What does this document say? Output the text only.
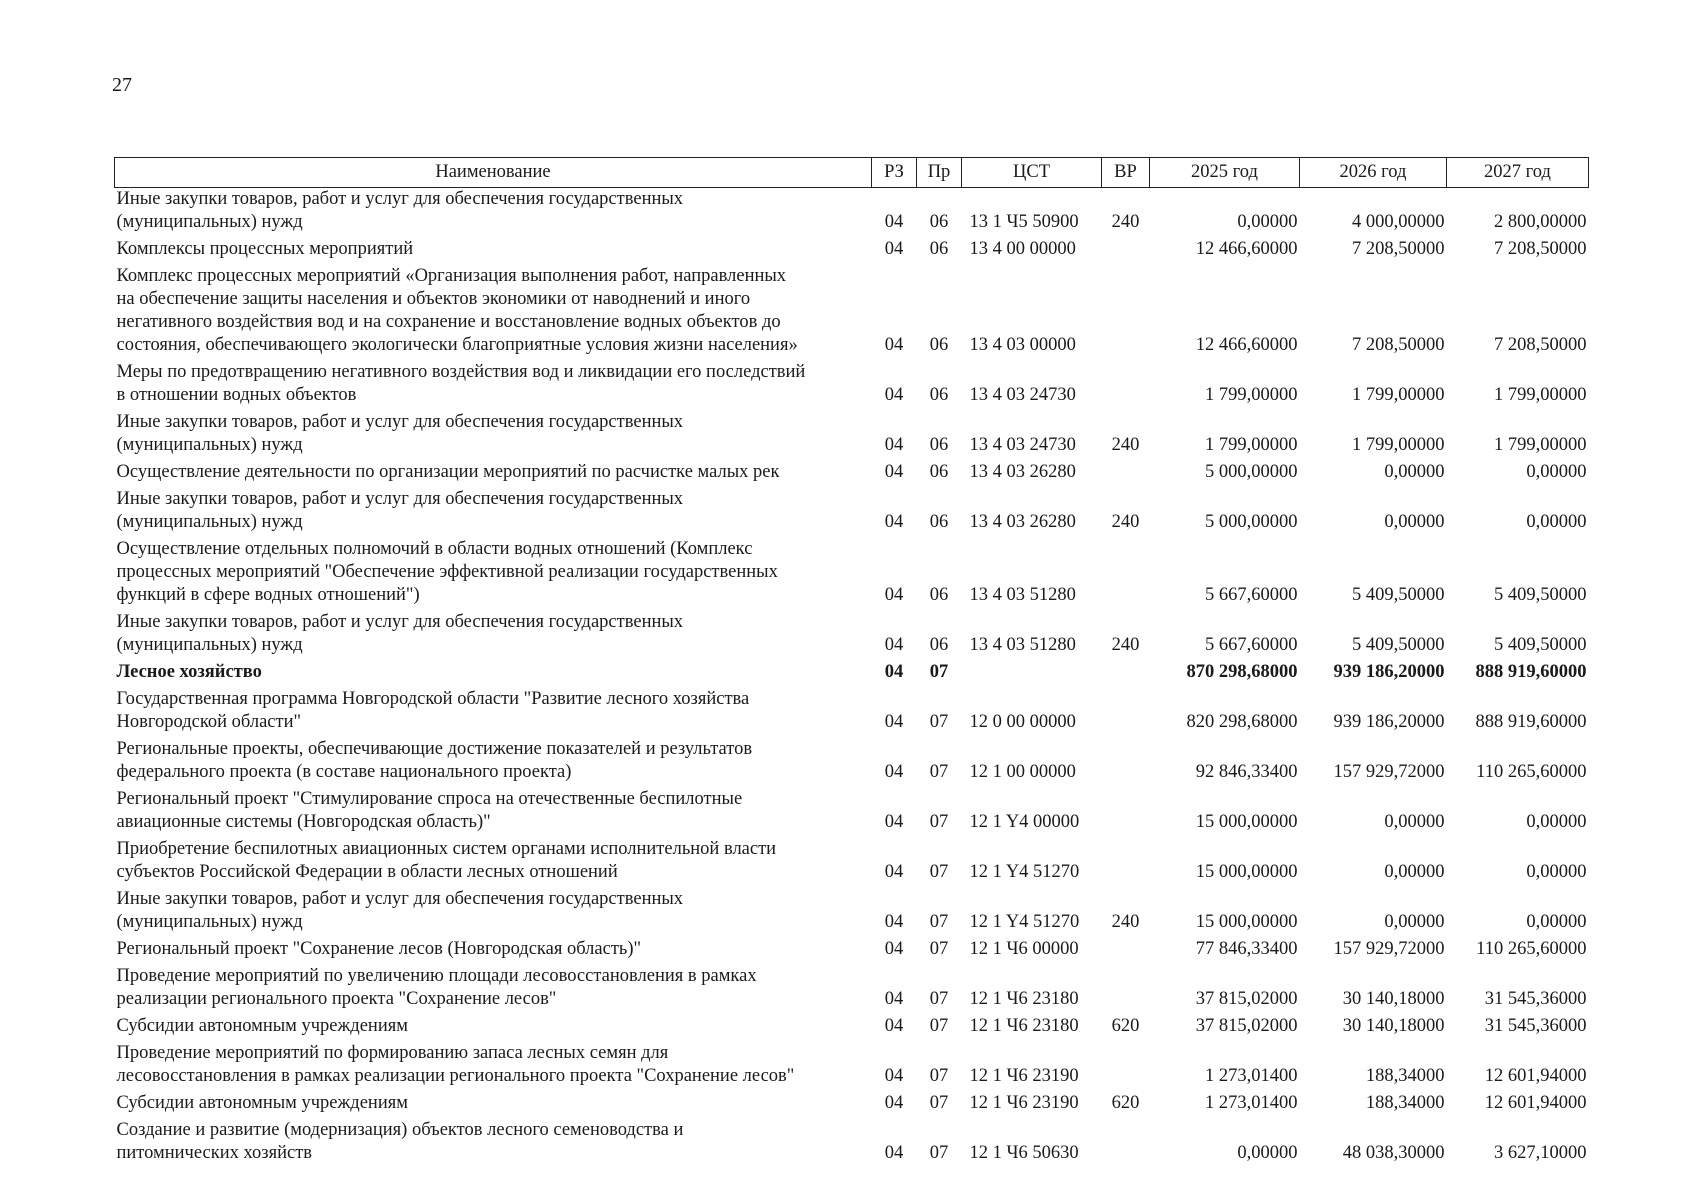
27
Наименование	РЗ	Пр	ЦСТ	ВР	2025 год	2026 год	2027 год
Иные закупки товаров, работ и услуг для обеспечения государственных
(муниципальных) нужд	04	06	13 1 Ч5 50900	240	0,00000	4 000,00000	2 800,00000
Комплексы процессных мероприятий	04	06	13 4 00 00000		12 466,60000	7 208,50000	7 208,50000
Комплекс процессных мероприятий «Организация выполнения работ, направленных
на обеспечение защиты населения и объектов экономики от наводнений и иного
негативного воздействия вод и на сохранение и восстановление водных объектов до
состояния, обеспечивающего экологически благоприятные условия жизни населения»	04	06	13 4 03 00000		12 466,60000	7 208,50000	7 208,50000
Меры по предотвращению негативного воздействия вод и ликвидации его последствий
в отношении водных объектов	04	06	13 4 03 24730		1 799,00000	1 799,00000	1 799,00000
Иные закупки товаров, работ и услуг для обеспечения государственных
(муниципальных) нужд	04	06	13 4 03 24730	240	1 799,00000	1 799,00000	1 799,00000
Осуществление деятельности по организации мероприятий по расчистке малых рек	04	06	13 4 03 26280		5 000,00000	0,00000	0,00000
Иные закупки товаров, работ и услуг для обеспечения государственных
(муниципальных) нужд	04	06	13 4 03 26280	240	5 000,00000	0,00000	0,00000
Осуществление отдельных полномочий в области водных отношений (Комплекс
процессных мероприятий "Обеспечение эффективной реализации государственных
функций в сфере водных отношений")	04	06	13 4 03 51280		5 667,60000	5 409,50000	5 409,50000
Иные закупки товаров, работ и услуг для обеспечения государственных
(муниципальных) нужд	04	06	13 4 03 51280	240	5 667,60000	5 409,50000	5 409,50000
Лесное хозяйство	04	07			870 298,68000	939 186,20000	888 919,60000
Государственная программа Новгородской области "Развитие лесного хозяйства
Новгородской области"	04	07	12 0 00 00000		820 298,68000	939 186,20000	888 919,60000
Региональные проекты, обеспечивающие достижение показателей и результатов
федерального проекта (в составе национального проекта)	04	07	12 1 00 00000		92 846,33400	157 929,72000	110 265,60000
Региональный проект "Стимулирование спроса на отечественные беспилотные
авиационные системы (Новгородская область)"	04	07	12 1 Y4 00000		15 000,00000	0,00000	0,00000
Приобретение беспилотных авиационных систем органами исполнительной власти
субъектов Российской Федерации в области лесных отношений	04	07	12 1 Y4 51270		15 000,00000	0,00000	0,00000
Иные закупки товаров, работ и услуг для обеспечения государственных
(муниципальных) нужд	04	07	12 1 Y4 51270	240	15 000,00000	0,00000	0,00000
Региональный проект "Сохранение лесов (Новгородская область)"	04	07	12 1 Ч6 00000		77 846,33400	157 929,72000	110 265,60000
Проведение мероприятий по увеличению площади лесовосстановления в рамках
реализации регионального проекта "Сохранение лесов"	04	07	12 1 Ч6 23180		37 815,02000	30 140,18000	31 545,36000
Субсидии автономным учреждениям	04	07	12 1 Ч6 23180	620	37 815,02000	30 140,18000	31 545,36000
Проведение мероприятий по формированию запаса лесных семян для
лесовосстановления в рамках реализации регионального проекта "Сохранение лесов"	04	07	12 1 Ч6 23190		1 273,01400	188,34000	12 601,94000
Субсидии автономным учреждениям	04	07	12 1 Ч6 23190	620	1 273,01400	188,34000	12 601,94000
Создание и развитие (модернизация) объектов лесного семеноводства и
питомнических хозяйств	04	07	12 1 Ч6 50630		0,00000	48 038,30000	3 627,10000
